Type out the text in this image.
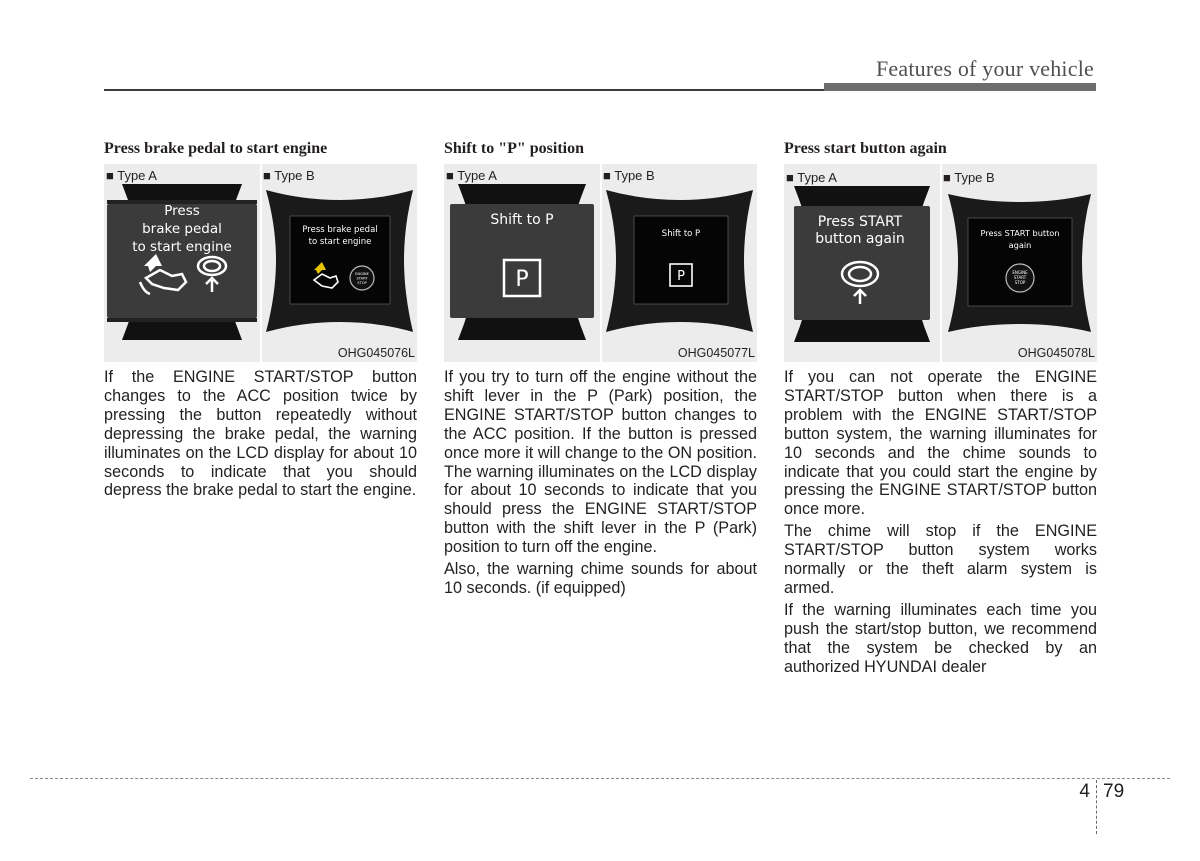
Features of your vehicle
Press brake pedal to start engine
■ Type A	■ Type B
Press
brake pedal
to start engine
Press brake pedal
to start engine
ENGINE
START
STOP
OHG045076L

If the ENGINE START/STOP button changes to the ACC position twice by pressing the button repeatedly without depressing the brake pedal, the warning illuminates on the LCD display for about 10 seconds to indicate that you should depress the brake pedal to start the engine.

Shift to "P" position
■ Type A	■ Type B
Shift to P
P
Shift to P
P
OHG045077L

If you try to turn off the engine without the shift lever in the P (Park) position, the ENGINE START/STOP button changes to the ACC position. If the button is pressed once more it will change to the ON position. The warning illuminates on the LCD display for about 10 seconds to indicate that you should press the ENGINE START/STOP button with the shift lever in the P (Park) position to turn off the engine.

Also, the warning chime sounds for about 10 seconds. (if equipped)

Press start button again
■ Type A	■ Type B
Press START
button again	Press START button
again
ENGINE
START
STOP
OHG045078L

If you can not operate the ENGINE START/STOP button when there is a problem with the ENGINE START/STOP button system, the warning illuminates for 10 seconds and the chime sounds to indicate that you could start the engine by pressing the ENGINE START/STOP button once more.

The chime will stop if the ENGINE START/STOP button system works normally or the theft alarm system is armed.

If the warning illuminates each time you push the start/stop button, we recommend that the system be checked by an authorized HYUNDAI dealer

4 79
